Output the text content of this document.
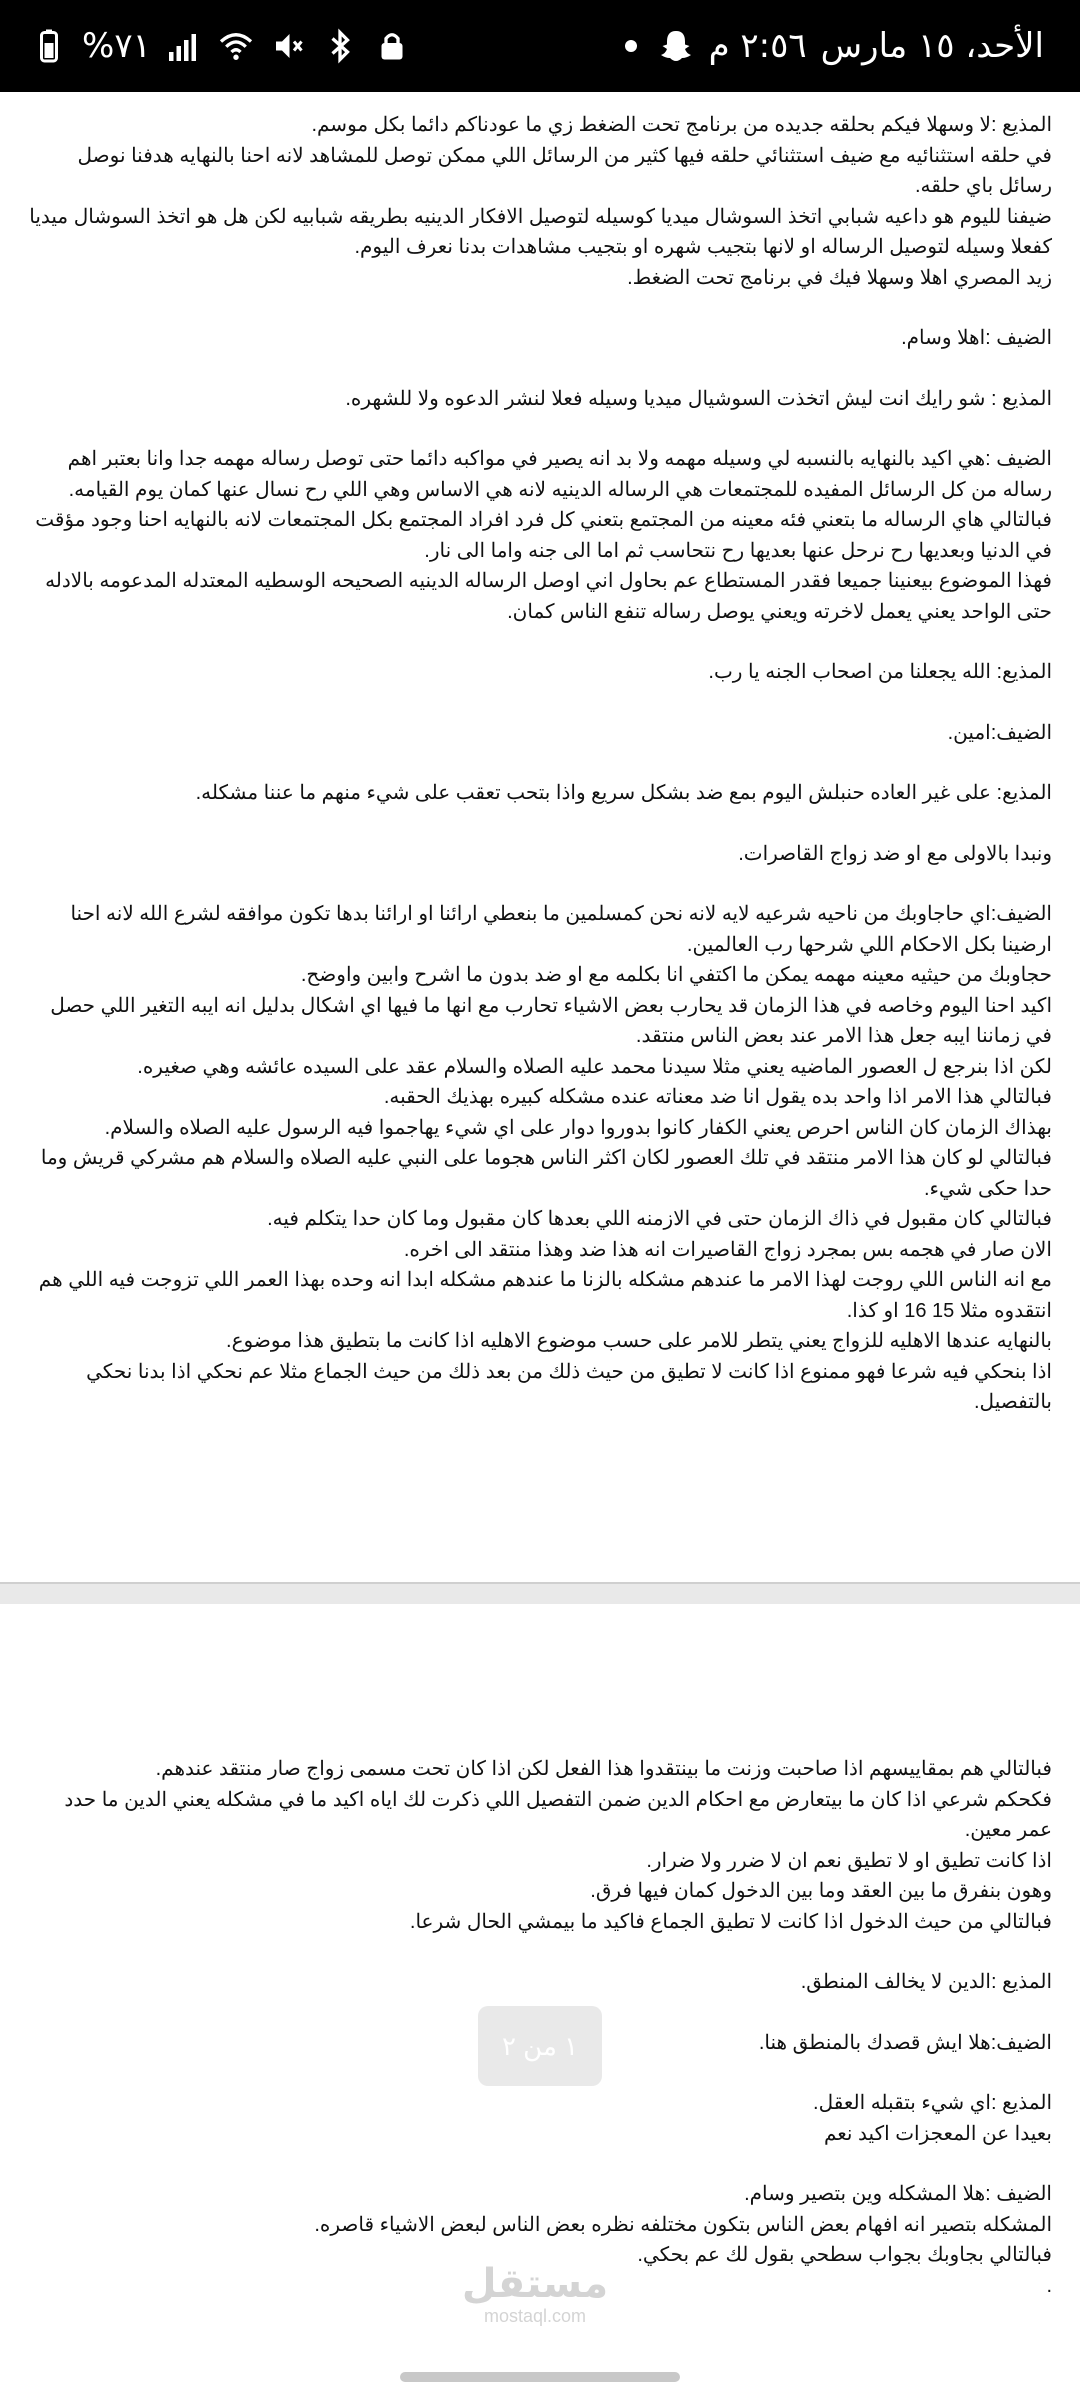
%٧١	٢:٥٦ م الأحد، ١٥ مارس

المذيع :لا وسهلا فيكم بحلقه جديده من برنامج تحت الضغط زي ما عودناكم دائما بكل موسم.

في حلقه استثنائيه مع ضيف استثنائي حلقه فيها كثير من الرسائل اللي ممكن توصل للمشاهد لانه احنا بالنهايه هدفنا نوصل رسائل باي حلقه.

ضيفنا لليوم هو داعيه شبابي اتخذ السوشال ميديا كوسيله لتوصيل الافكار الدينيه بطريقه شبابيه لكن هل هو اتخذ السوشال ميديا كفعلا وسيله لتوصيل الرساله او لانها بتجيب شهره او بتجيب مشاهدات بدنا نعرف اليوم.

زيد المصري اهلا وسهلا فيك في برنامج تحت الضغط.

الضيف :اهلا وسام.

المذيع : شو رايك انت ليش اتخذت السوشيال ميديا وسيله فعلا لنشر الدعوه ولا للشهره.

الضيف :هي اكيد بالنهايه بالنسبه لي وسيله مهمه ولا بد انه يصير في مواكبه دائما حتى توصل رساله مهمه جدا وانا بعتبر اهم رساله من كل الرسائل المفيده للمجتمعات هي الرساله الدينيه لانه هي الاساس وهي اللي رح نسال عنها كمان يوم القيامه.

فبالتالي هاي الرساله ما بتعني فئه معينه من المجتمع بتعني كل فرد افراد المجتمع بكل المجتمعات لانه بالنهايه احنا وجود مؤقت في الدنيا وبعديها رح نرحل عنها بعديها رح نتحاسب ثم اما الى جنه واما الى نار.

فهذا الموضوع بيعنينا جميعا فقدر المستطاع عم بحاول اني اوصل الرساله الدينيه الصحيحه الوسطيه المعتدله المدعومه بالادله حتى الواحد يعني يعمل لاخرته ويعني يوصل رساله تنفع الناس كمان.

المذيع: الله يجعلنا من اصحاب الجنه يا رب.

الضيف:امين.

المذيع: على غير العاده حنبلش اليوم بمع ضد بشكل سريع واذا بتحب تعقب على شيء منهم ما عننا مشكله.

ونبدا بالاولى مع او ضد زواج القاصرات.

الضيف:اي حاجاوبك من ناحيه شرعيه لايه لانه نحن كمسلمين ما بنعطي ارائنا او ارائنا بدها تكون موافقه لشرع الله لانه احنا ارضينا بكل الاحكام اللي شرحها رب العالمين.

حجاوبك من حيثيه معينه مهمه يمكن ما اكتفي انا بكلمه مع او ضد بدون ما اشرح وابين واوضح.

اكيد احنا اليوم وخاصه في هذا الزمان قد يحارب بعض الاشياء تحارب مع انها ما فيها اي اشكال بدليل انه ايبه التغير اللي حصل في زماننا ايبه جعل هذا الامر عند بعض الناس منتقد.

لكن اذا بنرجع ل العصور الماضيه يعني مثلا سيدنا محمد عليه الصلاه والسلام عقد على السيده عائشه وهي صغيره.

فبالتالي هذا الامر اذا واحد بده يقول انا ضد معناته عنده مشكله كبيره بهذيك الحقبه.

بهذاك الزمان كان الناس احرص يعني الكفار كانوا بدوروا دوار على اي شيء يهاجموا فيه الرسول عليه الصلاه والسلام.

فبالتالي لو كان هذا الامر منتقد في تلك العصور لكان اكثر الناس هجوما على النبي عليه الصلاه والسلام هم مشركي قريش وما حدا حكى شيء.

فبالتالي كان مقبول في ذاك الزمان حتى في الازمنه اللي بعدها كان مقبول وما كان حدا يتكلم فيه.

الان صار في هجمه بس بمجرد زواج القاصيرات انه هذا ضد وهذا منتقد الى اخره.

مع انه الناس اللي روجت لهذا الامر ما عندهم مشكله بالزنا ما عندهم مشكله ابدا انه وحده بهذا العمر اللي تزوجت فيه اللي هم انتقدوه مثلا 15 16 او كذا.

بالنهايه عندها الاهليه للزواج يعني يتطر للامر على حسب موضوع الاهليه اذا كانت ما بتطيق هذا موضوع.

اذا بنحكي فيه شرعا فهو ممنوع اذا كانت لا تطيق من حيث ذلك من بعد ذلك من حيث الجماع مثلا عم نحكي اذا بدنا نحكي بالتفصيل.

فبالتالي هم بمقاييسهم اذا صاحبت وزنت ما بينتقدوا هذا الفعل لكن اذا كان تحت مسمى زواج صار منتقد عندهم.

فكحكم شرعي اذا كان ما بيتعارض مع احكام الدين ضمن التفصيل اللي ذكرت لك اياه اكيد ما في مشكله يعني الدين ما حدد عمر معين.

اذا كانت تطيق او لا تطيق نعم ان لا ضرر ولا ضرار.

وهون بنفرق ما بين العقد وما بين الدخول كمان فيها فرق.

فبالتالي من حيث الدخول اذا كانت لا تطيق الجماع فاكيد ما بيمشي الحال شرعا.

المذيع :الدين لا يخالف المنطق.

الضيف:هلا ايش قصدك بالمنطق هنا.

المذيع :اي شيء بتقبله العقل.

بعيدا عن المعجزات اكيد نعم

الضيف :هلا المشكله وين بتصير وسام.

المشكله بتصير انه افهام بعض الناس بتكون مختلفه نظره بعض الناس لبعض الاشياء قاصره.

فبالتالي بجاوبك بجواب سطحي بقول لك عم بحكي.

.

١ من ٢
مستقل
mostaql.com
